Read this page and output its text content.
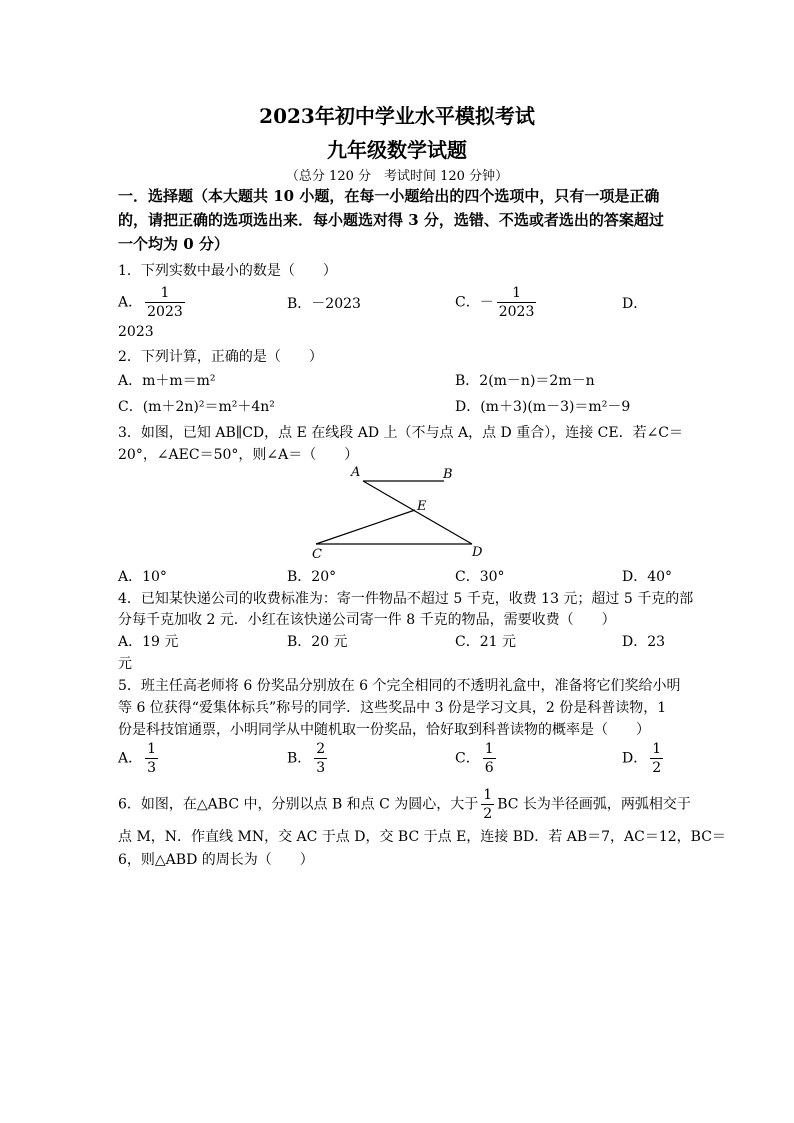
2023年初中学业水平模拟考试
九年级数学试题
（总分 120 分　考试时间 120 分钟）
一．选择题（本大题共 10 小题，在每一小题给出的四个选项中，只有一项是正确的，请把正确的选项选出来．每小题选对得 3 分，选错、不选或者选出的答案超过一个均为 0 分）
1．下列实数中最小的数是（　　）
A． $\frac{1}{2023}$	B．－2023	C．－ $\frac{1}{2023}$	D．
2023
2．下列计算，正确的是（　　）
A．m＋m＝m²	B．2(m－n)＝2m－n
C．(m＋2n)²＝m²＋4n²	D．(m＋3)(m－3)＝m²－9
3．如图，已知 AB∥CD，点 E 在线段 AD 上（不与点 A，点 D 重合），连接 CE．若∠C＝
20°，∠AEC＝50°，则∠A＝（　　）
A	B
E
C	D
A．10°	B．20°	C．30°	D．40°
4．已知某快递公司的收费标准为：寄一件物品不超过 5 千克，收费 13 元；超过 5 千克的部
分每千克加收 2 元．小红在该快递公司寄一件 8 千克的物品，需要收费（　　）
A．19 元	B．20 元	C．21 元	D．23
元
5．班主任高老师将 6 份奖品分别放在 6 个完全相同的不透明礼盒中，准备将它们奖给小明
等 6 位获得“爱集体标兵”称号的同学．这些奖品中 3 份是学习文具，2 份是科普读物，1
份是科技馆通票，小明同学从中随机取一份奖品，恰好取到科普读物的概率是（　　）
A． $\frac{1}{3}$	B． $\frac{2}{3}$	C． $\frac{1}{6}$	D． $\frac{1}{2}$
6．如图，在△ABC 中，分别以点 B 和点 C 为圆心，大于 $\frac{1}{2}$ BC 长为半径画弧，两弧相交于
点 M，N．作直线 MN，交 AC 于点 D，交 BC 于点 E，连接 BD．若 AB＝7，AC＝12，BC＝
6，则△ABD 的周长为（　　）
